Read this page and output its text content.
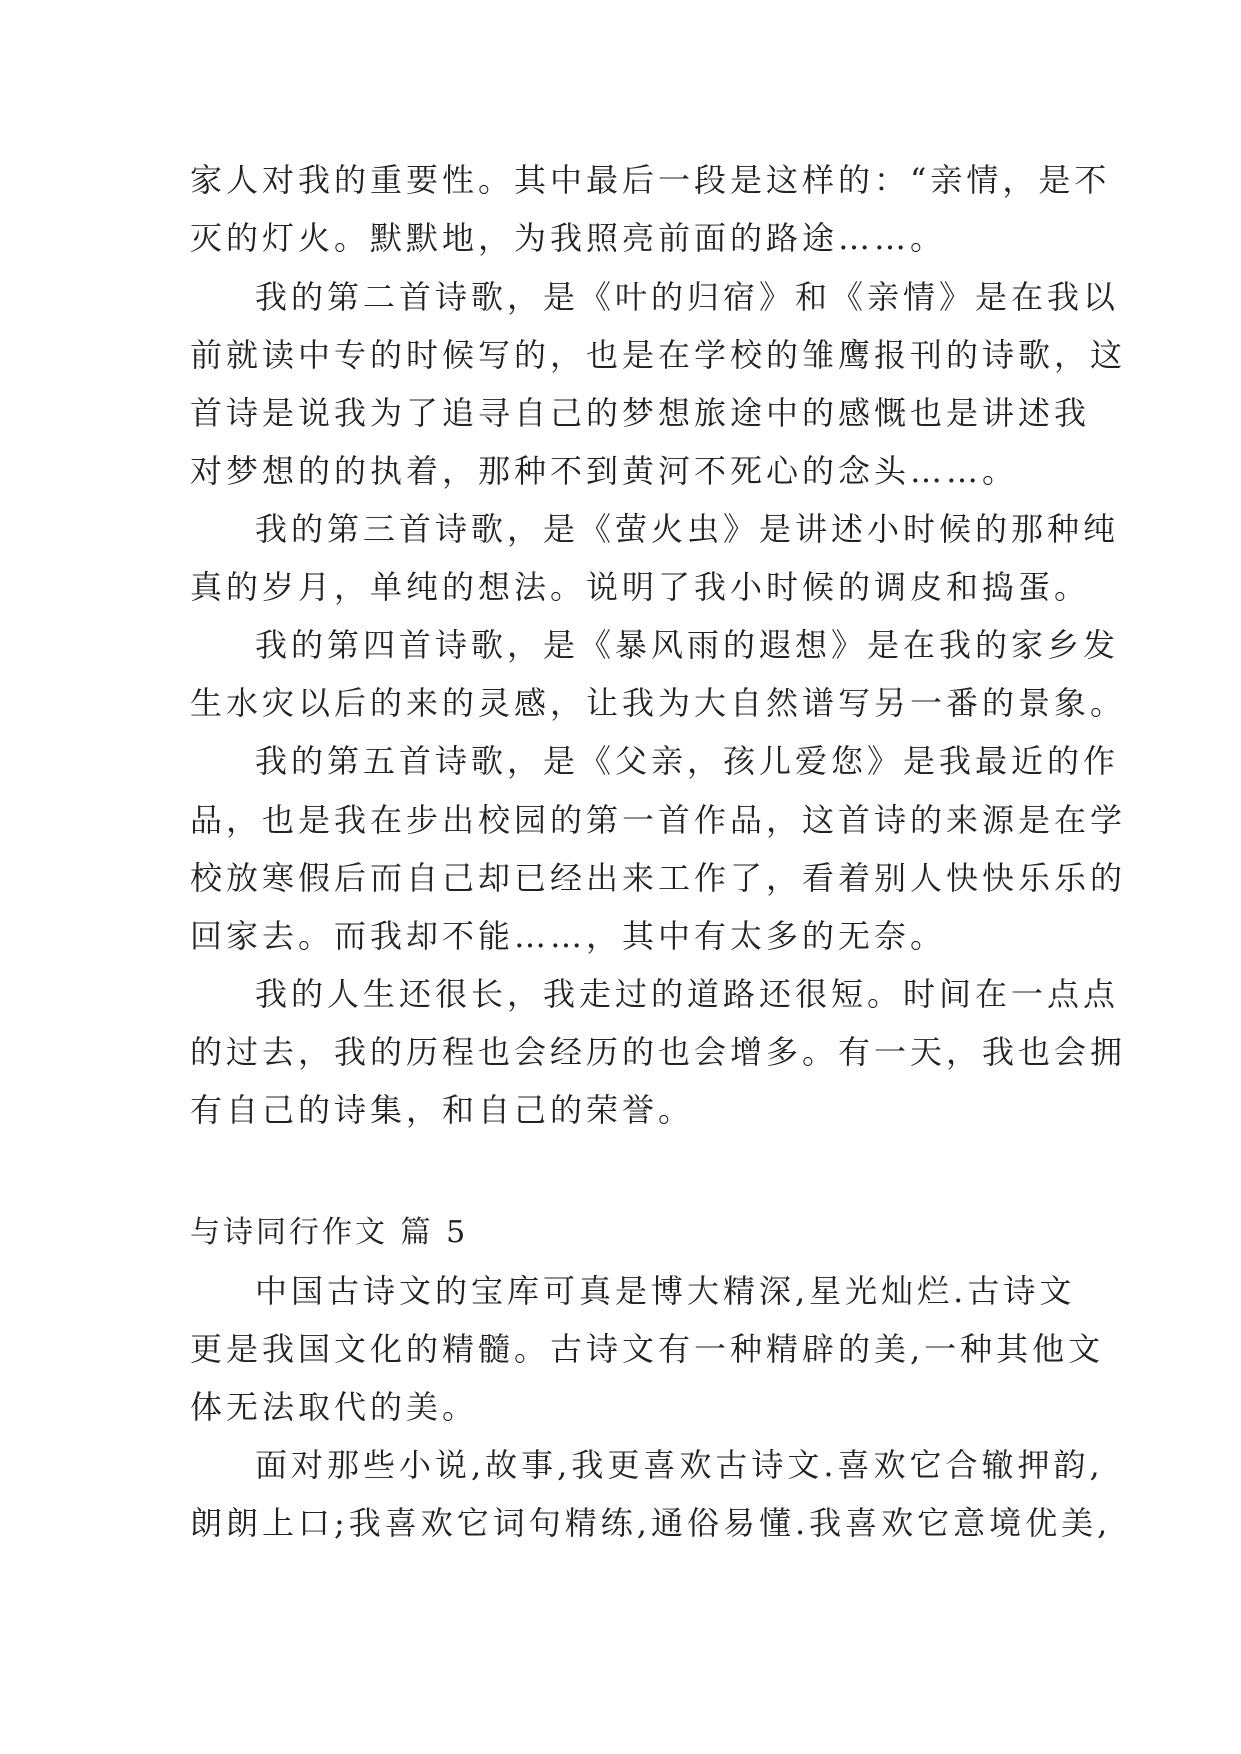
家人对我的重要性。其中最后一段是这样的：“亲情，是不
灭的灯火。默默地，为我照亮前面的路途……。
我的第二首诗歌，是《叶的归宿》和《亲情》是在我以
前就读中专的时候写的，也是在学校的雏鹰报刊的诗歌，这
首诗是说我为了追寻自己的梦想旅途中的感慨也是讲述我
对梦想的的执着，那种不到黄河不死心的念头……。
我的第三首诗歌，是《萤火虫》是讲述小时候的那种纯
真的岁月，单纯的想法。说明了我小时候的调皮和捣蛋。
我的第四首诗歌，是《暴风雨的遐想》是在我的家乡发
生水灾以后的来的灵感，让我为大自然谱写另一番的景象。
我的第五首诗歌，是《父亲，孩儿爱您》是我最近的作
品，也是我在步出校园的第一首作品，这首诗的来源是在学
校放寒假后而自己却已经出来工作了，看着别人快快乐乐的
回家去。而我却不能……，其中有太多的无奈。
我的人生还很长，我走过的道路还很短。时间在一点点
的过去，我的历程也会经历的也会增多。有一天，我也会拥
有自己的诗集，和自己的荣誉。
与诗同行作文 篇 5
中国古诗文的宝库可真是博大精深,星光灿烂.古诗文
更是我国文化的精髓。古诗文有一种精辟的美,一种其他文
体无法取代的美。
面对那些小说,故事,我更喜欢古诗文.喜欢它合辙押韵,
朗朗上口;我喜欢它词句精练,通俗易懂.我喜欢它意境优美,
